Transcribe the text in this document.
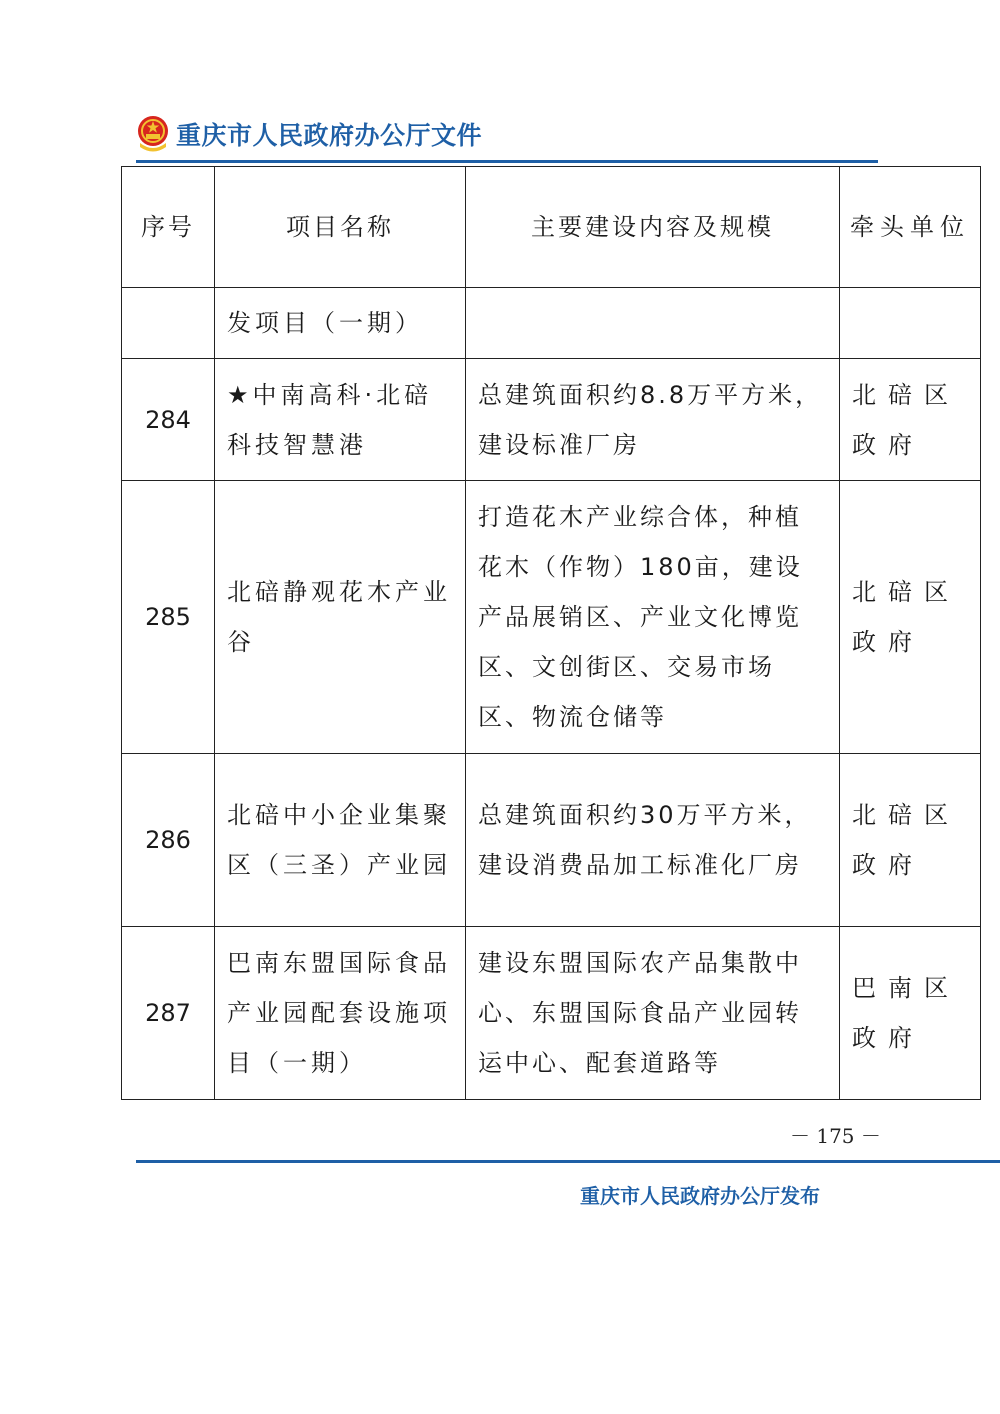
重庆市人民政府办公厅文件
序号	项目名称	主要建设内容及规模	牵头单位
	发项目（一期）		
284	★中南高科·北碚科技智慧港	总建筑面积约8.8万平方米，建设标准厂房	北碚区政府
285	北碚静观花木产业谷	打造花木产业综合体，种植花木（作物）180亩，建设产品展销区、产业文化博览区、文创街区、交易市场区、物流仓储等	北碚区政府
286	北碚中小企业集聚区（三圣）产业园	总建筑面积约30万平方米，建设消费品加工标准化厂房	北碚区政府
287	巴南东盟国际食品产业园配套设施项目（一期）	建设东盟国际农产品集散中心、东盟国际食品产业园转运中心、配套道路等	巴南区政府
－ 175 －
重庆市人民政府办公厅发布
